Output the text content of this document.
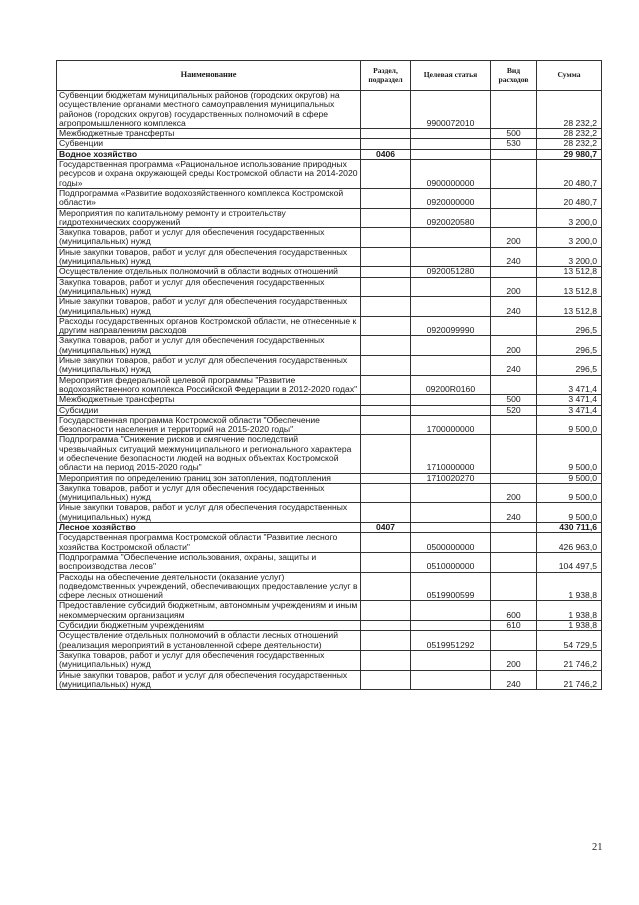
Наименование	Раздел, подраздел	Целевая статья	Вид расходов	Сумма
Субвенции бюджетам муниципальных районов (городских округов) на осуществление органами местного самоуправления муниципальных районов (городских округов) государственных полномочий в сфере агропромышленного комплекса		9900072010		28 232,2
Межбюджетные трансферты			500	28 232,2
Субвенции			530	28 232,2
Водное хозяйство	0406			29 980,7
Государственная программа «Рациональное использование природных ресурсов и охрана окружающей среды Костромской области на 2014-2020 годы»		0900000000		20 480,7
Подпрограмма «Развитие водохозяйственного комплекса Костромской области»		0920000000		20 480,7
Мероприятия по капитальному ремонту и строительству гидротехнических сооружений		0920020580		3 200,0
Закупка товаров, работ и услуг для обеспечения государственных (муниципальных) нужд			200	3 200,0
Иные закупки товаров, работ и услуг для обеспечения государственных (муниципальных) нужд			240	3 200,0
Осуществление отдельных полномочий в области водных отношений		0920051280		13 512,8
Закупка товаров, работ и услуг для обеспечения государственных (муниципальных) нужд			200	13 512,8
Иные закупки товаров, работ и услуг для обеспечения государственных (муниципальных) нужд			240	13 512,8
Расходы государственных органов Костромской области, не отнесенные к другим направлениям расходов		0920099990		296,5
Закупка товаров, работ и услуг для обеспечения государственных (муниципальных) нужд			200	296,5
Иные закупки товаров, работ и услуг для обеспечения государственных (муниципальных) нужд			240	296,5
Мероприятия федеральной целевой программы "Развитие водохозяйственного комплекса Российской Федерации в 2012-2020 годах"		09200R0160		3 471,4
Межбюджетные трансферты			500	3 471,4
Субсидии			520	3 471,4
Государственная программа Костромской области "Обеспечение безопасности населения и территорий на 2015-2020 годы"		1700000000		9 500,0
Подпрограмма "Снижение рисков и смягчение последствий чрезвычайных ситуаций межмуниципального и регионального характера и обеспечение безопасности людей на водных объектах Костромской области на период 2015-2020 годы"		1710000000		9 500,0
Мероприятия по определению границ зон затопления, подтопления		1710020270		9 500,0
Закупка товаров, работ и услуг для обеспечения государственных (муниципальных) нужд			200	9 500,0
Иные закупки товаров, работ и услуг для обеспечения государственных (муниципальных) нужд			240	9 500,0
Лесное хозяйство	0407			430 711,6
Государственная программа Костромской области "Развитие лесного хозяйства Костромской области"		0500000000		426 963,0
Подпрограмма "Обеспечение использования, охраны, защиты и воспроизводства лесов"		0510000000		104 497,5
Расходы на обеспечение деятельности (оказание услуг) подведомственных учреждений, обеспечивающих предоставление услуг в сфере лесных отношений		0519900599		1 938,8
Предоставление субсидий бюджетным, автономным учреждениям и иным некоммерческим организациям			600	1 938,8
Субсидии бюджетным учреждениям			610	1 938,8
Осуществление отдельных полномочий в области лесных отношений (реализация мероприятий в установленной сфере деятельности)		0519951292		54 729,5
Закупка товаров, работ и услуг для обеспечения государственных (муниципальных) нужд			200	21 746,2
Иные закупки товаров, работ и услуг для обеспечения государственных (муниципальных) нужд			240	21 746,2
21
